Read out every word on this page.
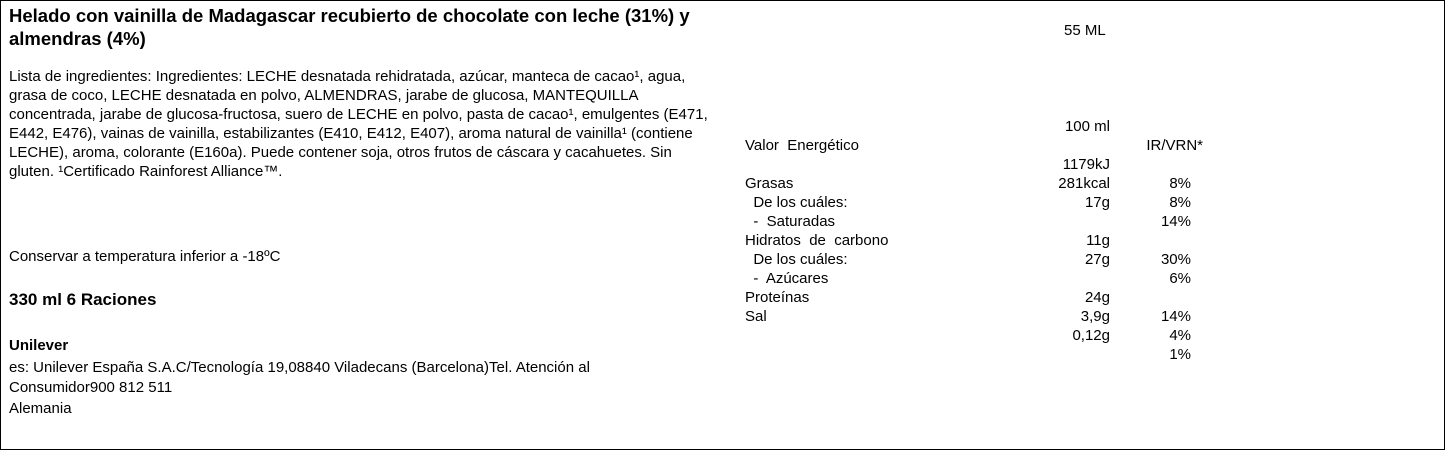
Helado con vainilla de Madagascar recubierto de chocolate con leche (31%) y almendras (4%)	55 ML
Lista de ingredientes: Ingredientes: LECHE desnatada rehidratada, azúcar, manteca de cacao¹, agua, grasa de coco, LECHE desnatada en polvo, ALMENDRAS, jarabe de glucosa, MANTEQUILLA concentrada, jarabe de glucosa-fructosa, suero de LECHE en polvo, pasta de cacao¹, emulgentes (E471, E442, E476), vainas de vainilla, estabilizantes (E410, E412, E407), aroma natural de vainilla¹ (contiene LECHE), aroma, colorante (E160a). Puede contener soja, otros frutos de cáscara y cacahuetes. Sin gluten. ¹Certificado Rainforest Alliance™.
Conservar a temperatura inferior a -18ºC
330 ml 6 Raciones
Unilever
es: Unilever España S.A.C/Tecnología 19,08840 Viladecans (Barcelona)Tel. Atención al Consumidor900 812 511
Alemania

100 ml

IR/VRN*

Valor  Energético

1179kJ

8%

281kcal

8%

Grasas

17g

14%

De los cuáles:

-  Saturadas

11g

30%

Hidratos  de  carbono

27g

6%

De los cuáles:

-  Azúcares

24g

14%

Proteínas

3,9g

4%

Sal

0,12g

1%
